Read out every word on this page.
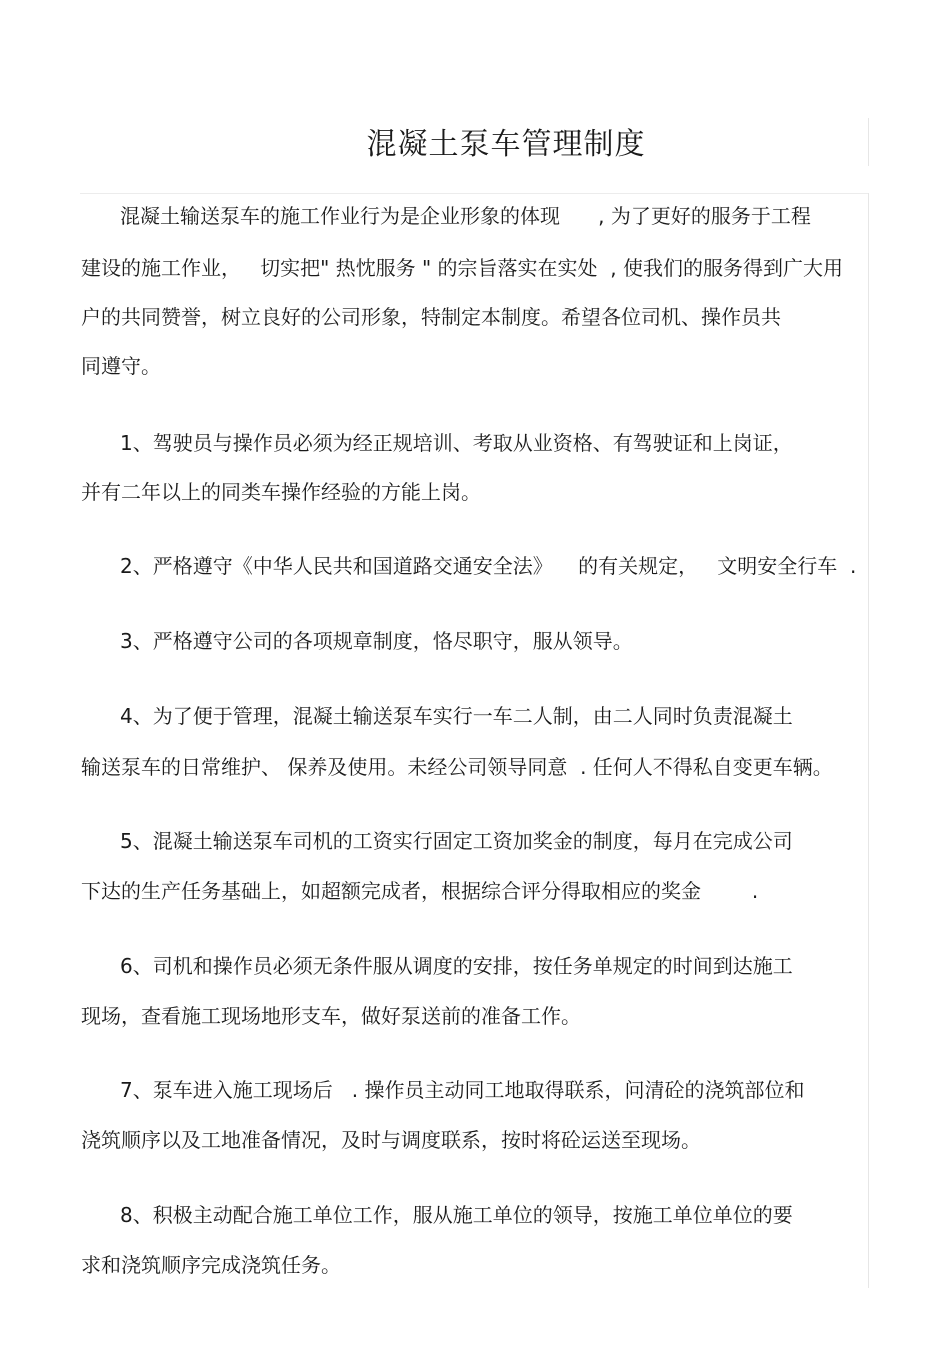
混凝土泵车管理制度
混凝土输送泵车的施工作业行为是企业形象的体现      , 为了更好的服务于工程
建设的施工作业，   切实把" 热忱服务 " 的宗旨落实在实处  , 使我们的服务得到广大用
户的共同赞誉，树立良好的公司形象，特制定本制度。希望各位司机、操作员共
同遵守。
1、驾驶员与操作员必须为经正规培训、考取从业资格、有驾驶证和上岗证，
并有二年以上的同类车操作经验的方能上岗。
2、严格遵守《中华人民共和国道路交通安全法》    的有关规定，   文明安全行车  .
3、严格遵守公司的各项规章制度，恪尽职守，服从领导。
4、为了便于管理，混凝土输送泵车实行一车二人制，由二人同时负责混凝土
输送泵车的日常维护、 保养及使用。未经公司领导同意  . 任何人不得私自变更车辆。
5、混凝土输送泵车司机的工资实行固定工资加奖金的制度，每月在完成公司
下达的生产任务基础上，如超额完成者，根据综合评分得取相应的奖金        .
6、司机和操作员必须无条件服从调度的安排，按任务单规定的时间到达施工
现场，查看施工现场地形支车，做好泵送前的准备工作。
7、泵车进入施工现场后   . 操作员主动同工地取得联系，问清砼的浇筑部位和
浇筑顺序以及工地准备情况，及时与调度联系，按时将砼运送至现场。
8、积极主动配合施工单位工作，服从施工单位的领导，按施工单位单位的要
求和浇筑顺序完成浇筑任务。
